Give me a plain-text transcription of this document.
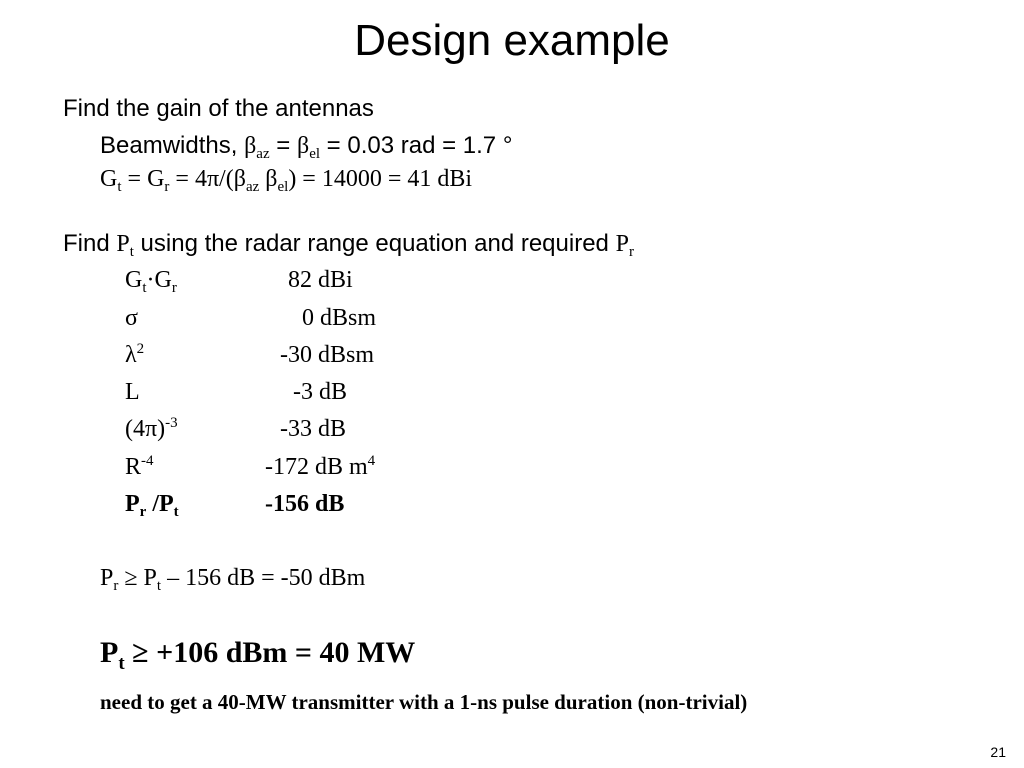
Design example
Find the gain of the antennas
Beamwidths, $\beta_{az} = \beta_{el} = 0.03$ rad = 1.7 °
$G_t = G_r = 4\pi/(\beta_{az}$ $\beta_{el}) = 14000 = 41$ dBi
Find $P_t$ using the radar range equation and required $P_r$
$G_t\cdot G_r$	82 dBi
σ	0 dBsm
$\lambda^2$	-30 dBsm
L	-3 dB
$(4\pi)^{-3}$	-33 dB
$R^{-4}$	-172 dB $m^4$
$P_r$ $/P_t$	-156 dB
$P_r \ge P_t - 156$ dB = -50 dBm
$P_t \ge +106$ dBm = 40 MW
need to get a 40-MW transmitter with a 1-ns pulse duration (non-trivial)
21
